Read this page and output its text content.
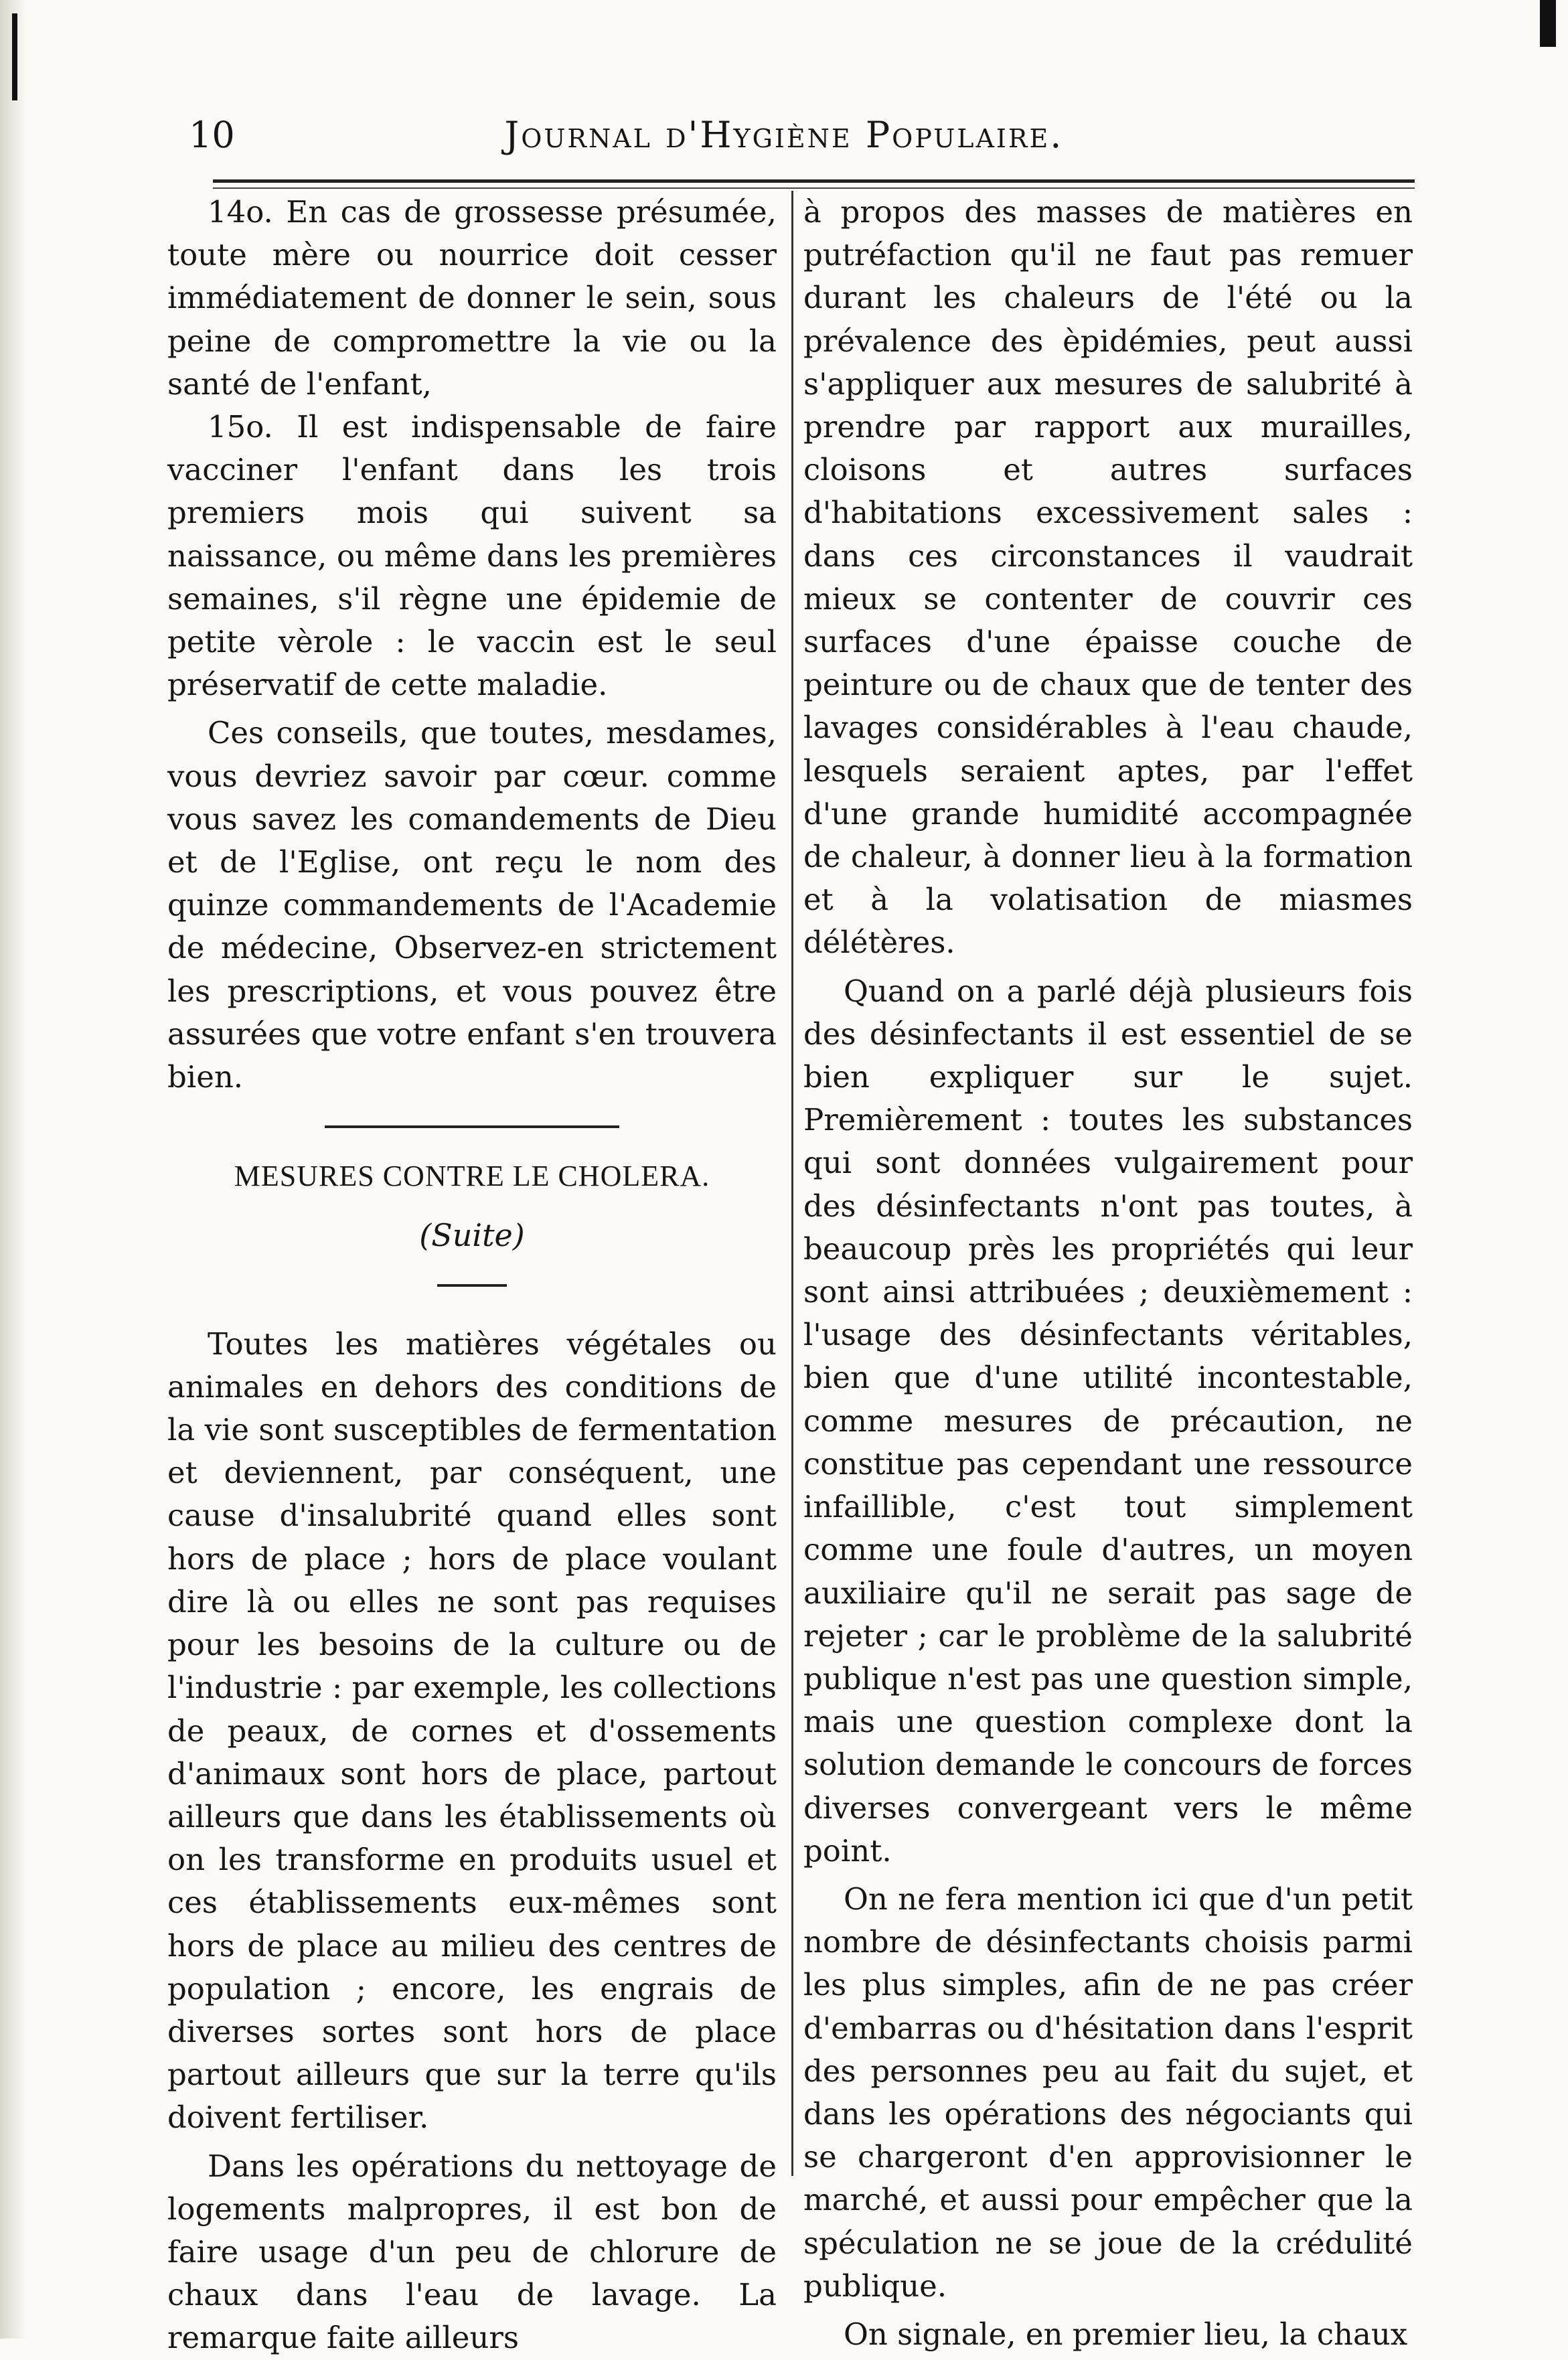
10	Journal d'Hygiène Populaire.

14o. En cas de grossesse présumée, toute mère ou nourrice doit cesser immédiatement de donner le sein, sous peine de compromettre la vie ou la santé de l'enfant,

15o. Il est indispensable de faire vacciner l'enfant dans les trois premiers mois qui suivent sa naissance, ou même dans les premières semaines, s'il règne une épidemie de petite vèrole : le vaccin est le seul préservatif de cette maladie.

Ces conseils, que toutes, mesdames, vous devriez savoir par cœur. comme vous savez les comandements de Dieu et de l'Eglise, ont reçu le nom des quinze commandements de l'Academie de médecine, Observez-en strictement les prescriptions, et vous pouvez être assurées que votre enfant s'en trouvera bien.

MESURES CONTRE LE CHOLERA.
(Suite)

Toutes les matières végétales ou animales en dehors des conditions de la vie sont susceptibles de fermentation et deviennent, par conséquent, une cause d'insalubrité quand elles sont hors de place ; hors de place voulant dire là ou elles ne sont pas requises pour les besoins de la culture ou de l'industrie : par exemple, les collections de peaux, de cornes et d'ossements d'animaux sont hors de place, partout ailleurs que dans les établissements où on les transforme en produits usuel et ces établissements eux-mêmes sont hors de place au milieu des centres de population ; encore, les engrais de diverses sortes sont hors de place partout ailleurs que sur la terre qu'ils doivent fertiliser.

Dans les opérations du nettoyage de logements malpropres, il est bon de faire usage d'un peu de chlorure de chaux dans l'eau de lavage. La remarque faite ailleurs

à propos des masses de matières en putréfaction qu'il ne faut pas remuer durant les chaleurs de l'été ou la prévalence des èpidémies, peut aussi s'appliquer aux mesures de salubrité à prendre par rapport aux murailles, cloisons et autres surfaces d'habitations excessivement sales : dans ces circonstances il vaudrait mieux se contenter de couvrir ces surfaces d'une épaisse couche de peinture ou de chaux que de tenter des lavages considérables à l'eau chaude, lesquels seraient aptes, par l'effet d'une grande humidité accompagnée de chaleur, à donner lieu à la formation et à la volatisation de miasmes délétères.

Quand on a parlé déjà plusieurs fois des désinfectants il est essentiel de se bien expliquer sur le sujet. Premièrement : toutes les substances qui sont données vulgairement pour des désinfectants n'ont pas toutes, à beaucoup près les propriétés qui leur sont ainsi attribuées ; deuxièmement : l'usage des désinfectants véritables, bien que d'une utilité incontestable, comme mesures de précaution, ne constitue pas cependant une ressource infaillible, c'est tout simplement comme une foule d'autres, un moyen auxiliaire qu'il ne serait pas sage de rejeter ; car le problème de la salubrité publique n'est pas une question simple, mais une question complexe dont la solution demande le concours de forces diverses convergeant vers le même point.

On ne fera mention ici que d'un petit nombre de désinfectants choisis parmi les plus simples, afin de ne pas créer d'embarras ou d'hésitation dans l'esprit des personnes peu au fait du sujet, et dans les opérations des négociants qui se chargeront d'en approvisionner le marché, et aussi pour empêcher que la spéculation ne se joue de la crédulité publique.

On signale, en premier lieu, la chaux
